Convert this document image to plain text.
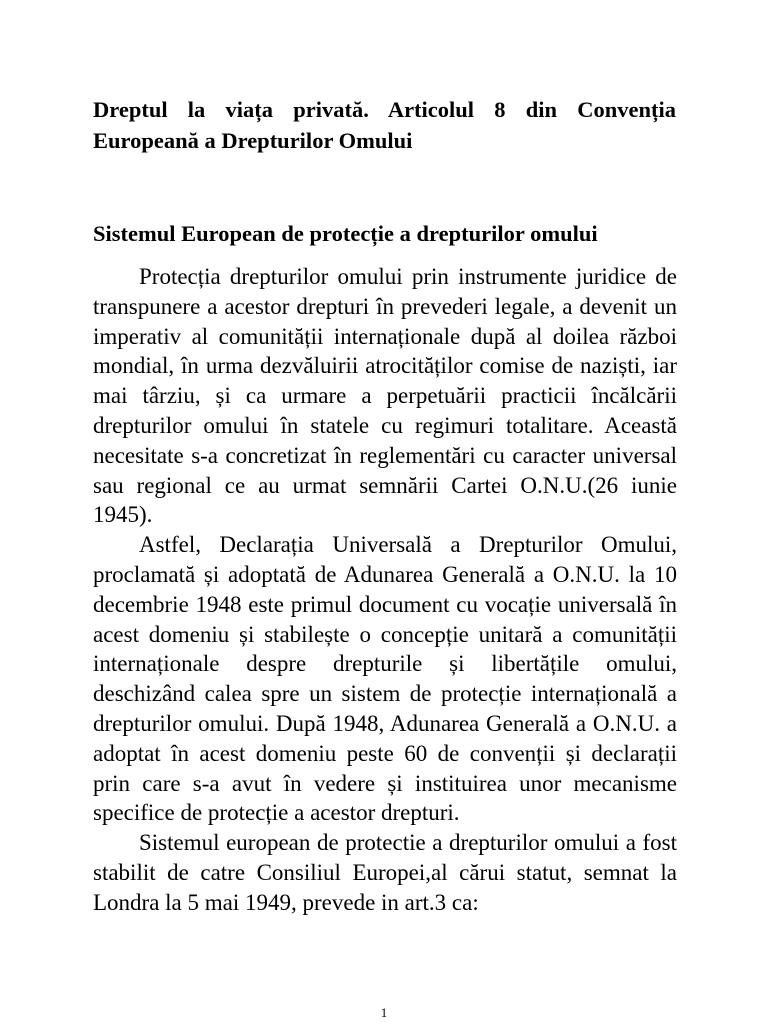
Dreptul la viața privată. Articolul 8 din Convenția Europeană a Drepturilor Omului
Sistemul European de protecție a drepturilor omului

Protecția drepturilor omului prin instrumente juridice de transpunere a acestor drepturi în prevederi legale, a devenit un imperativ al comunității internaționale după al doilea război mondial, în urma dezvăluirii atrocităților comise de naziști, iar mai târziu, și ca urmare a perpetuării practicii încălcării drepturilor omului în statele cu regimuri totalitare. Această necesitate s-a concretizat în reglementări cu caracter universal sau regional ce au urmat semnării Cartei O.N.U.(26 iunie 1945).

Astfel, Declarația Universală a Drepturilor Omului, proclamată și adoptată de Adunarea Generală a O.N.U. la 10 decembrie 1948 este primul document cu vocație universală în acest domeniu și stabilește o concepție unitară a comunității internaționale despre drepturile și libertățile omului, deschizând calea spre un sistem de protecție internațională a drepturilor omului. După 1948, Adunarea Generală a O.N.U. a adoptat în acest domeniu peste 60 de convenții și declarații prin care s-a avut în vedere și instituirea unor mecanisme specifice de protecție a acestor drepturi.

Sistemul european de protectie a drepturilor omului a fost stabilit de catre Consiliul Europei,al cărui statut, semnat la Londra la 5 mai 1949, prevede in art.3 ca:

1
